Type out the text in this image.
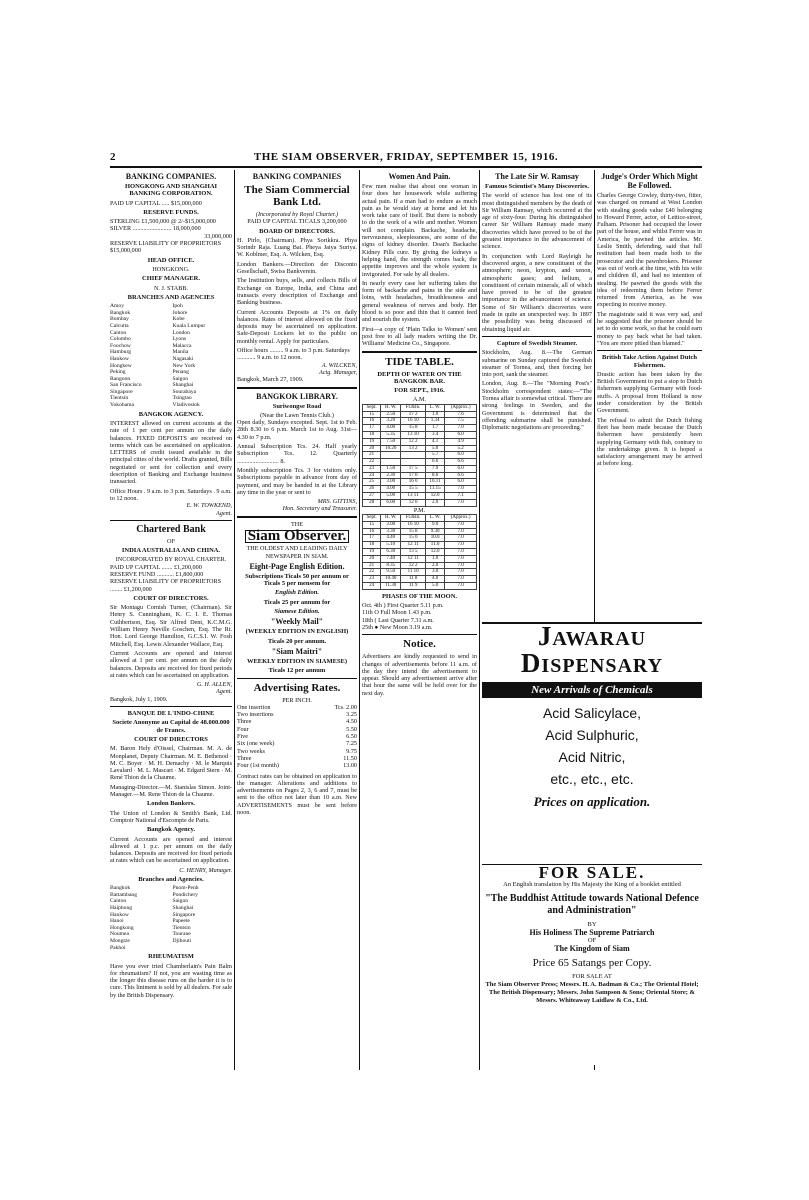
2	THE SIAM OBSERVER, FRIDAY, SEPTEMBER 15, 1916.
BANKING COMPANIES.
HONGKONG AND SHANGHAI BANKING CORPORATION.
PAID UP CAPITAL ..... $15,000,000
RESERVE FUNDS.
STERLING £1,500,000 @ 2/-$15,000,000
SILVER ......................... 18,000,000
33,000,000
RESERVE LIABILITY OF PROPRIETORS $15,000,000
HEAD OFFICE.
HONGKONG.
CHIEF MANAGER.
N. J. STABB.
BRANCHES AND AGENCIES
Amoy	Ipoh
Bangkok	Johore
Bombay	Kobe
Calcutta	Kuala Lumpur
Canton	London
Colombo	Lyons
Foochow	Malacca
Hamburg	Manila
Hankow	Nagasaki
Hongkew	New York
Peking	Penang
Rangoon	Saigon
San Francisco	Shanghai
Singapore	Sourabaya
Tientsin	Tsingtao
Yokohama	Vladivostok
BANGKOK AGENCY.

INTEREST allowed on current accounts at the rate of 1 per cent per annum on the daily balances. FIXED DEPOSITS are received on terms which can be ascertained on application. LETTERS of credit issued available in the principal cities of the world. Drafts granted, Bills negotiated or sent for collection and every description of Banking and Exchange business transacted.

Office Hours . 9 a.m. to 3 p.m. Saturdays . 9 a.m. to 12 noon.
E. W. TOWKEND,
Agent.
Chartered Bank
OF
INDIA AUSTRALIA AND CHINA.
INCORPORATED BY ROYAL CHARTER.
PAID UP CAPITAL ....... £1,200,000
RESERVE FUND ........... £1,800,000
RESERVE LIABILITY OF PROPRIETORS ........ £1,200,000
COURT OF DIRECTORS.

Sir Montagu Cornish Turner, (Chairman). Sir Henry S. Cunningham, K. C. I. E. Thomas Cuthbertson, Esq. Sir Alfred Dent, K.C.M.G. William Henry Neville Goschen, Esq. The Rt. Hon. Lord George Hamilton, G.C.S.I. W. Fosh Mitchell, Esq. Lewis Alexander Wallace, Esq.

Current Accounts are opened and interest allowed at 1 per cent. per annum on the daily balances. Deposits are received for fixed periods at rates which can be ascertained on application.

G. H. ALLEN,
Agent.
Bangkok, July 1, 1909.
BANQUE DE L'INDO-CHINE
Societe Anonyme au Capital de 48.000.000 de Francs.
COURT OF DIRECTORS

M. Baron Hely d'Oissel, Chairman. M. A. de Monplanet, Deputy Chairman. M. E. Bethenod · M. C. Boyer · M. H. Demachy · M. le Marquis Lavalard · M. L. Mascart · M. Edgard Stern · M. René Thion de la Chaume.

Managing-Director.—M. Stanislas Simon. Joint-Manager.—M. Rene Thion de la Chaume.

London Bankers.

The Union of London & Smith's Bank, Ltd. Comptoir National d'Escompte de Paris.

Bangkok Agency.

Current Accounts are opened and interest allowed at 1 p.c. per annum on the daily balances. Deposits are received for fixed periods at rates which can be ascertained on application.

C. HENRY, Manager.
Branches and Agencies.
Bangkok	Pnom-Penh
Battambang	Pondichery
Canton	Saigon
Haiphong	Shanghai
Hankow	Singapore
Hanoi	Papeete
Hongkong	Tientsin
Noumea	Tourane
Mongtze	Djibouti
Pakhoi
RHEUMATISM

Have you ever tried Chamberlain's Pain Balm for rheumatism? If not, you are wasting time as the longer this disease runs on the harder it is to cure. This liniment is sold by all dealers. For sale by the British Dispensary.

BANKING COMPANIES
The Siam Commercial Bank Ltd.
(Incorporated by Royal Charter.)
PAID UP CAPITAL TICALS 3,200,000
BOARD OF DIRECTORS.

H. Pirlo, (Chairman). Phya Sorikkra. Phya Sorindr Raja. Luang Bai. Pheya Jaiya Suriya. W. Koblmer, Esq. A. Wilcken, Esq.

London Bankers.—Direction der Disconto Gesellschaft, Swiss Bankverein.

The Institution buys, sells, and collects Bills of Exchange on Europe, India, and China and transacts every description of Exchange and Banking business.

Current Accounts Deposits at 1% on daily balances. Rates of interest allowed on the fixed deposits may be ascertained on application. Safe-Deposit Lockers let to the public on monthly rental. Apply for particulars.

Office hours ......... 9 a.m. to 3 p.m. Saturdays ............ 9 a.m. to 12 noon.
A. WILCKEN,
Actg. Manager,
Bangkok, March 27, 1909.
BANGKOK LIBRARY.
Suriwongse Road
(Near the Lawn Tennis Club.)

Open daily, Sundays excepted. Sept. 1st to Feb. 28th 8.30 to 6 p.m. March 1st to Aug. 31st—4.30 to 7 p.m.

Annual Subscription Tcs. 24. Half yearly Subscription Tcs. 12. Quarterly ........................... 8.

Monthly subscription Tcs. 3 for visitors only. Subscriptions payable in advance from day of payment, and may be handed in at the Library any time in the year or sent to

MRS. GITTINS,
Hon. Secretary and Treasurer.
THE
Siam Observer.
THE OLDEST AND LEADING DAILY NEWSPAPER IN SIAM.
Eight-Page English Edition.
Subscriptions Ticals 50 per annum or Ticals 5 per mensem for
English Edition.
Ticals 25 per annum for
Siamese Edition.
"Weekly Mail"
(WEEKLY EDITION IN ENGLISH)
Ticals 20 per annum.
"Siam Maitri"
WEEKLY EDITION IN SIAMESE)
Ticals 12 per annum
Advertising Rates.
PER INCH.
One insertion	Tcs. 2.00
Two insertions	3.25
Three	4.50
Four	5.50
Five	6.50
Six (one week)	7.25
Two weeks	9.75
Three	11.50
Four (1st month)	13.00

Contract rates can be obtained on application to the manager. Alterations and additions to advertisements on Pages 2, 3, 6 and 7, must be sent to the office not later than 10 a.m. New ADVERTISEMENTS must be sent before noon.

Women And Pain.

Few men realise that about one woman in four does her housework while suffering actual pain. If a man had to endure as much pain as he would stay at home and let his work take care of itself. But there is nobody to do the work of a wife and mother. Women will not complain. Backache, headache, nervousness, sleeplessness, are some of the signs of kidney disorder. Doan's Backache Kidney Pills cure. By giving the kidneys a helping hand, the strength comes back, the appetite improves and the whole system is invigorated. For sale by all dealers.

In nearly every case her suffering takes the form of backache and pains in the side and loins, with headaches, breathlessness and general weakness of nerves and body. Her blood is so poor and thin that it cannot feed and nourish the system.

First—a copy of 'Plain Talks to Women' sent post free to all lady readers writing the Dr. Williams' Medicine Co., Singapore.

TIDE TABLE.
DEPTH OF WATER ON THE BANGKOK BAR.
FOR SEPT., 1916.
A.M.
Sept.	H. W.	Ft.&In.	L. W.	(Approx.)
15	2.50	17 2	1.0	7.6
16	3.20	16 10	1.34	7.5
17	4.00	15 8	1.7	7.0
18	5.35	13 10	3.4	6.0
19	7.50	12 2	4.1	4.9
20	10.20	13 2	5.0	5.2
21			5.7	6.0
22			6.6	6.6
23	1.50	17 5	7.9	6.0
24	2.30	17 0	8.6	6.6
25	3.00	16 0	10.11	6.0
26	4.00	15 5	11.15	7.0
27	5.00	13 11	12.0	7.1
28	6.00	12 0	2.0	7.0
P.M.
Sept.	H. W.	Ft.&In.	L. W.	(Approx.)
15	3.00	16 10	9.0	7.0
16	3.30	15 8	9.30	7.0
17	4.40	15 0	10.0	7.0
18	5.10	12 11	11.0	7.0
19	6.30	13 5	12.0	7.0
20	7.40	12 11	1.0	7.0
21	8.35	12 2	2.0	7.0
22	9.50	11 10	3.0	7.0
23	10.40	11 8	4.0	7.0
24	11.30	11 9	5.0	7.0
PHASES OF THE MOON.
Oct. 4th ) First Quarter 5.11 p.m.
11th O Full Moon 1.43 p.m.
18th ( Last Quarter 7.31 a.m.
25th ● New Moon 3.19 a.m.
Notice.

Advertisers are kindly requested to send in changes of advertisements before 11 a.m. of the day they intend the advertisement to appear. Should any advertisement arrive after that hour the same will be held over for the next day.

The Late Sir W. Ramsay
Famous Scientist's Many Discoveries.

The world of science has lost one of its most distinguished members by the death of Sir William Ramsay, which occurred at the age of sixty-four. During his distinguished career Sir William Ramsay made many discoveries which have proved to be of the greatest importance in the advancement of science.

In conjunction with Lord Rayleigh he discovered argon, a new constituent of the atmosphere; neon, krypton, and xenon, atmospheric gases; and helium, a constituent of certain minerals, all of which have proved to be of the greatest importance in the advancement of science. Some of Sir William's discoveries were made in quite an unexpected way. In 1897 the possibility was being discussed of obtaining liquid air.

Capture of Swedish Steamer.

Stockholm, Aug. 8.—The German submarine on Sunday captured the Swedish steamer of Tornea, and, then forcing her into port, sank the steamer.

London, Aug. 8.—The "Morning Post's" Stockholm correspondent states:—"The Tornea affair is somewhat critical. There are strong feelings in Sweden, and the Government is determined that the offending submarine shall be punished. Diplomatic negotiations are proceeding."

Judge's Order Which Might Be Followed.

Charles George Cowley, thirty-two, fitter, was charged on remand at West London with stealing goods value £40 belonging to Howard Ferrer, actor, of Lettice-street, Fulham. Prisoner had occupied the lower part of the house, and whilst Ferrer was in America, he pawned the articles. Mr. Leslie Smith, defending, said that full restitution had been made both to the prosecutor and the pawnbrokers. Prisoner was out of work at the time, with his wife and children ill, and had no intention of stealing. He pawned the goods with the idea of redeeming them before Ferrer returned from America, as he was expecting to receive money.

The magistrate said it was very sad, and he suggested that the prisoner should be set to do some work, so that he could earn money to pay back what he had taken. "You are more pitied than blamed."

British Take Action Against Dutch Fishermen.

Drastic action has been taken by the British Government to put a stop to Dutch fishermen supplying Germany with food-stuffs. A proposal from Holland is now under consideration by the British Government.

The refusal to admit the Dutch fishing fleet has been made because the Dutch fishermen have persistently been supplying Germany with fish, contrary to the undertakings given. It is hoped a satisfactory arrangement may be arrived at before long.

JAWARAU DISPENSARY
New Arrivals of Chemicals
Acid Salicylace,
Acid Sulphuric,
Acid Nitric,
etc., etc., etc.
Prices on application.
FOR SALE.
An English translation by His Majesty the King of a booklet entitled
"The Buddhist Attitude towards National Defence and Administration"
BY
His Holiness The Supreme Patriarch
OF
The Kingdom of Siam
Price 65 Satangs per Copy.
FOR SALE AT
The Siam Observer Press; Messrs. H. A. Badman & Co.; The Oriental Hotel; The British Dispensary; Messrs. John Sampson & Sons; Oriental Store; & Messrs. Whiteaway Laidlaw & Co., Ltd.
